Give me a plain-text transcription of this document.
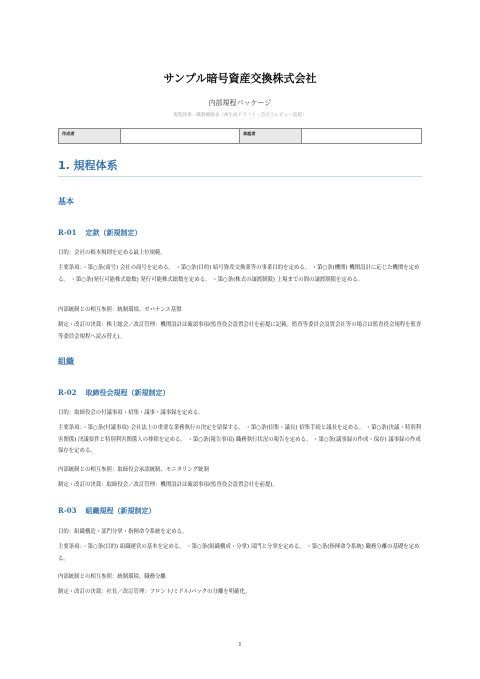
サンプル暗号資産交換株式会社
内部規程パッケージ
規程体系・職務権限表（AI生成ドラフト・会計士レビュー前提）
作成者	承認者
1. 規程体系
基本
R-01 定款（新規制定）
目的：会社の根本規則を定める最上位規範。
主要条項：・第○条(商号) 会社の商号を定める。 ・第○条(目的) 暗号資産交換業等の事業目的を定める。 ・第○条(機関) 機関設計に応じた機関を定める。 ・第○条(発行可能株式総数) 発行可能株式総数を定める。 ・第○条(株式の譲渡制限) 上場までの間の譲渡制限を定める。
内部統制との相互参照：統制環境、ガバナンス基盤
制定・改訂の決裁：株主総会／改訂管理：機関設計は確認事項(監査役会設置会社を前提に記載。監査等委員会設置会社等の場合は監査役会規程を監査等委員会規程へ読み替え)。
組織
R-02 取締役会規程（新規制定）
目的：取締役会の付議事項・招集・議事・議事録を定める。
主要条項：・第○条(付議事項) 会社法上の重要な業務執行の決定を留保する。 ・第○条(招集・議長) 招集手続と議長を定める。 ・第○条(決議・特別利害関係) 決議要件と特別利害関係人の排除を定める。 ・第○条(報告事項) 職務執行状況の報告を定める。 ・第○条(議事録の作成・保存) 議事録の作成保存を定める。
内部統制との相互参照：取締役会承認統制、モニタリング統制
制定・改訂の決裁：取締役会／改訂管理：機関設計は確認事項(監査役会設置会社を前提)。
R-03 組織規程（新規制定）
目的：組織構造・部門分掌・指揮命令系統を定める。
主要条項：・第○条(目的) 組織運営の基本を定める。 ・第○条(組織構成・分掌) 部門と分掌を定める。 ・第○条(指揮命令系統) 職務分離の基礎を定める。
内部統制との相互参照：統制環境、職務分離
制定・改訂の決裁：社長／改訂管理：フロント/ミドル/バックの分離を明確化。
1
